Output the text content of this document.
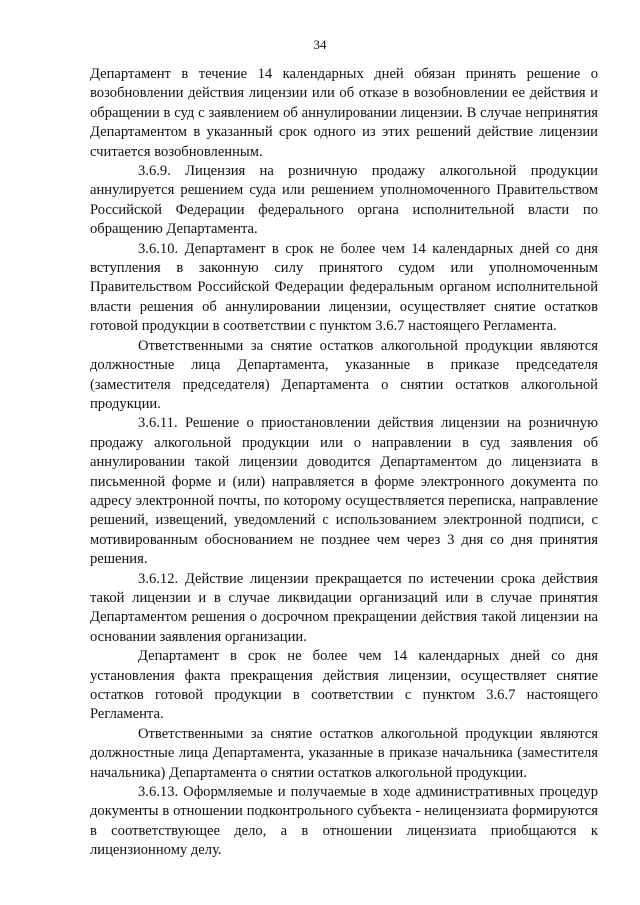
34

Департамент в течение 14 календарных дней обязан принять решение о возобновлении действия лицензии или об отказе в возобновлении ее действия и обращении в суд с заявлением об аннулировании лицензии. В случае непринятия Департаментом в указанный срок одного из этих решений действие лицензии считается возобновленным.

3.6.9. Лицензия на розничную продажу алкогольной продукции аннулируется решением суда или решением уполномоченного Правительством Российской Федерации федерального органа исполнительной власти по обращению Департамента.

3.6.10. Департамент в срок не более чем 14 календарных дней со дня вступления в законную силу принятого судом или уполномоченным Правительством Российской Федерации федеральным органом исполнительной власти решения об аннулировании лицензии, осуществляет снятие остатков готовой продукции в соответствии с пунктом 3.6.7 настоящего Регламента.

Ответственными за снятие остатков алкогольной продукции являются должностные лица Департамента, указанные в приказе председателя (заместителя председателя) Департамента о снятии остатков алкогольной продукции.

3.6.11. Решение о приостановлении действия лицензии на розничную продажу алкогольной продукции или о направлении в суд заявления об аннулировании такой лицензии доводится Департаментом до лицензиата в письменной форме и (или) направляется в форме электронного документа по адресу электронной почты, по которому осуществляется переписка, направление решений, извещений, уведомлений с использованием электронной подписи, с мотивированным обоснованием не позднее чем через 3 дня со дня принятия решения.

3.6.12. Действие лицензии прекращается по истечении срока действия такой лицензии и в случае ликвидации организаций или в случае принятия Департаментом решения о досрочном прекращении действия такой лицензии на основании заявления организации.

Департамент в срок не более чем 14 календарных дней со дня установления факта прекращения действия лицензии, осуществляет снятие остатков готовой продукции в соответствии с пунктом 3.6.7 настоящего Регламента.

Ответственными за снятие остатков алкогольной продукции являются должностные лица Департамента, указанные в приказе начальника (заместителя начальника) Департамента о снятии остатков алкогольной продукции.

3.6.13. Оформляемые и получаемые в ходе административных процедур документы в отношении подконтрольного субъекта - нелицензиата формируются в соответствующее дело, а в отношении лицензиата приобщаются к лицензионному делу.
